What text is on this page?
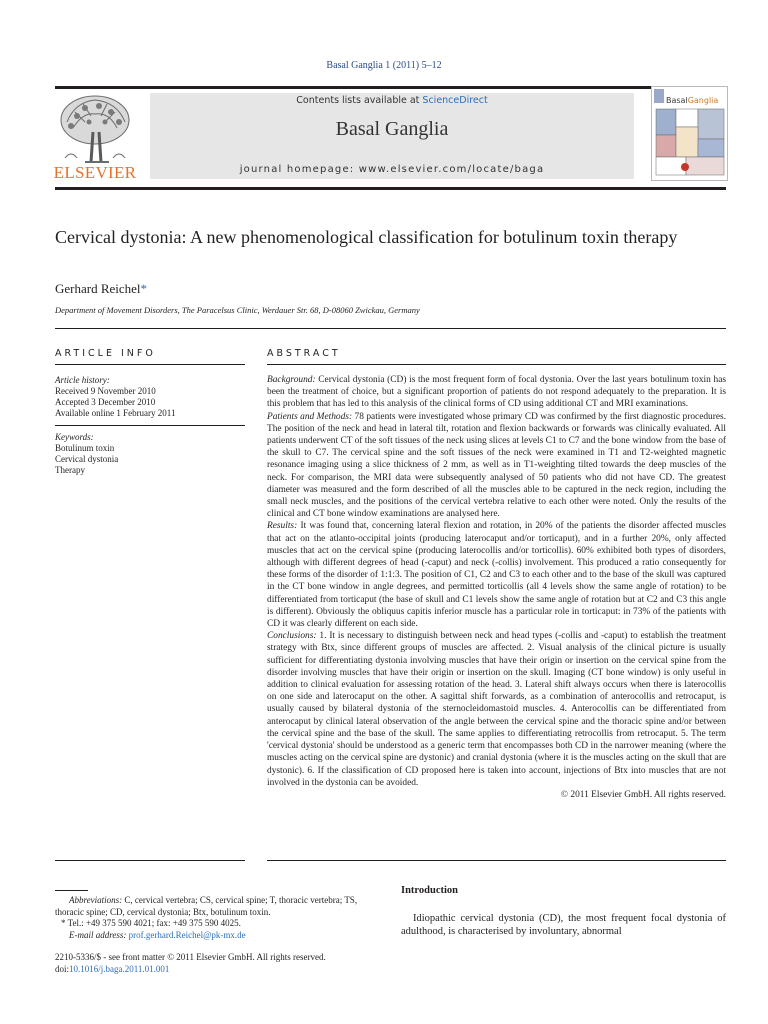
Basal Ganglia 1 (2011) 5–12
ELSEVIER
Contents lists available at ScienceDirect
Basal Ganglia
journal homepage: www.elsevier.com/locate/baga
BasalGanglia
Cervical dystonia: A new phenomenological classification for botulinum toxin therapy
Gerhard Reichel*
Department of Movement Disorders, The Paracelsus Clinic, Werdauer Str. 68, D-08060 Zwickau, Germany
ARTICLE INFO
Article history:
Received 9 November 2010
Accepted 3 December 2010
Available online 1 February 2011
Keywords:
Botulinum toxin
Cervical dystonia
Therapy
ABSTRACT

Background: Cervical dystonia (CD) is the most frequent form of focal dystonia. Over the last years botulinum toxin has been the treatment of choice, but a significant proportion of patients do not respond adequately to the preparation. It is this problem that has led to this analysis of the clinical forms of CD using additional CT and MRI examinations.

Patients and Methods: 78 patients were investigated whose primary CD was confirmed by the first diagnostic procedures. The position of the neck and head in lateral tilt, rotation and flexion backwards or forwards was clinically evaluated. All patients underwent CT of the soft tissues of the neck using slices at levels C1 to C7 and the bone window from the base of the skull to C7. The cervical spine and the soft tissues of the neck were examined in T1 and T2-weighted magnetic resonance imaging using a slice thickness of 2 mm, as well as in T1-weighting tilted towards the deep muscles of the neck. For comparison, the MRI data were subsequently analysed of 50 patients who did not have CD. The greatest diameter was measured and the form described of all the muscles able to be captured in the neck region, including the small neck muscles, and the positions of the cervical vertebra relative to each other were noted. Only the results of the clinical and CT bone window examinations are analysed here.

Results: It was found that, concerning lateral flexion and rotation, in 20% of the patients the disorder affected muscles that act on the atlanto-occipital joints (producing laterocaput and/or torticaput), and in a further 20%, only affected muscles that act on the cervical spine (producing laterocollis and/or torticollis). 60% exhibited both types of disorders, although with different degrees of head (-caput) and neck (-collis) involvement. This produced a ratio consequently for these forms of the disorder of 1:1:3. The position of C1, C2 and C3 to each other and to the base of the skull was captured in the CT bone window in angle degrees, and permitted torticollis (all 4 levels show the same angle of rotation) to be differentiated from torticaput (the base of skull and C1 levels show the same angle of rotation but at C2 and C3 this angle is different). Obviously the obliquus capitis inferior muscle has a particular role in torticaput: in 73% of the patients with CD it was clearly different on each side.

Conclusions: 1. It is necessary to distinguish between neck and head types (-collis and -caput) to establish the treatment strategy with Btx, since different groups of muscles are affected. 2. Visual analysis of the clinical picture is usually sufficient for differentiating dystonia involving muscles that have their origin or insertion on the cervical spine from the disorder involving muscles that have their origin or insertion on the skull. Imaging (CT bone window) is only useful in addition to clinical evaluation for assessing rotation of the head. 3. Lateral shift always occurs when there is laterocollis on one side and laterocaput on the other. A sagittal shift forwards, as a combination of anterocollis and retrocaput, is usually caused by bilateral dystonia of the sternocleidomastoid muscles. 4. Anterocollis can be differentiated from anterocaput by clinical lateral observation of the angle between the cervical spine and the thoracic spine and/or between the cervical spine and the base of the skull. The same applies to differentiating retrocollis from retrocaput. 5. The term 'cervical dystonia' should be understood as a generic term that encompasses both CD in the narrower meaning (where the muscles acting on the cervical spine are dystonic) and cranial dystonia (where it is the muscles acting on the skull that are dystonic). 6. If the classification of CD proposed here is taken into account, injections of Btx into muscles that are not involved in the dystonia can be avoided.

© 2011 Elsevier GmbH. All rights reserved.

Abbreviations: C, cervical vertebra; CS, cervical spine; T, thoracic vertebra; TS, thoracic spine; CD, cervical dystonia; Btx, botulinum toxin.

* Tel.: +49 375 590 4021; fax: +49 375 590 4025.

E-mail address: prof.gerhard.Reichel@pk-mx.de

2210-5336/$ - see front matter © 2011 Elsevier GmbH. All rights reserved.
doi:10.1016/j.baga.2011.01.001
Introduction
Idiopathic cervical dystonia (CD), the most frequent focal dystonia of adulthood, is characterised by involuntary, abnormal
